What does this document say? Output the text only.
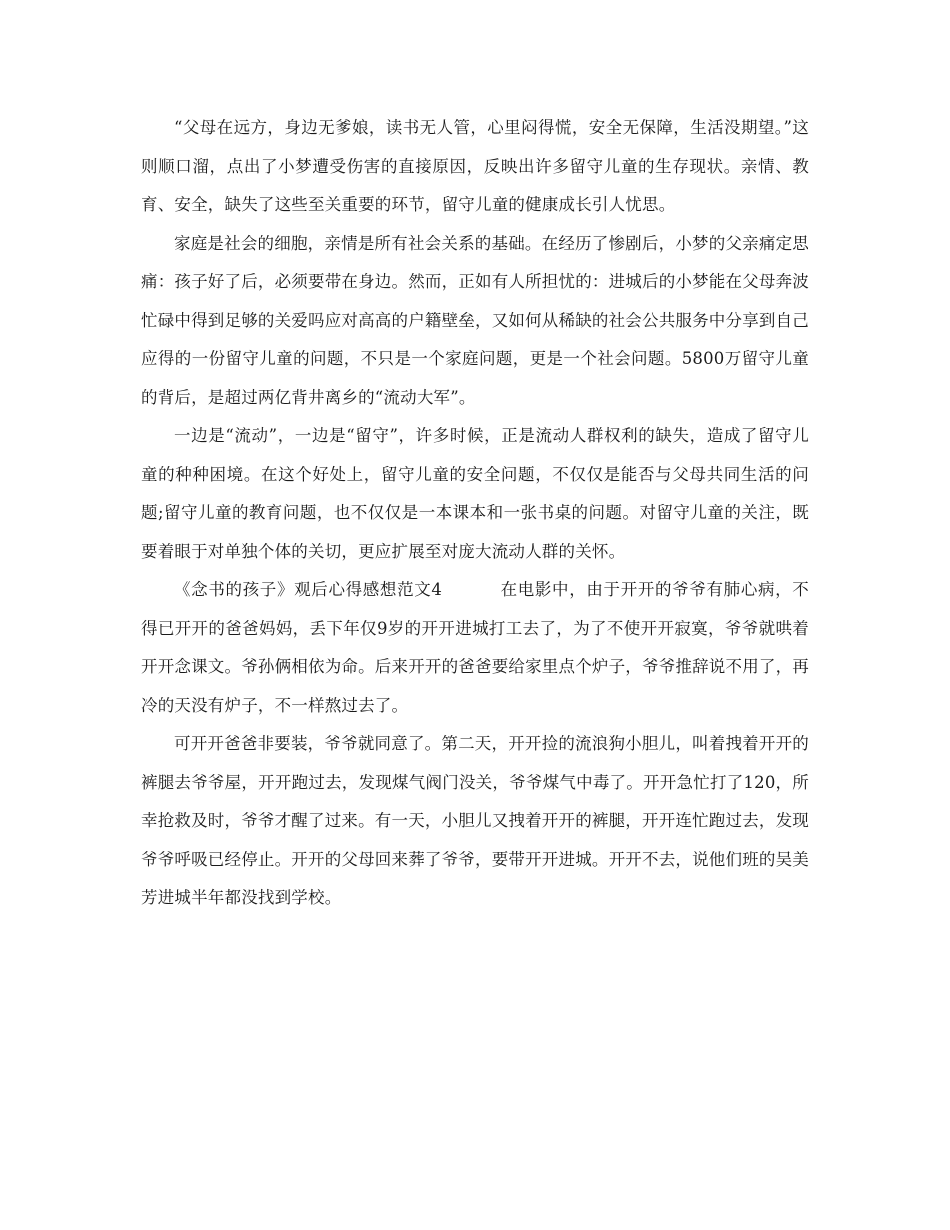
“父母在远方，身边无爹娘，读书无人管，心里闷得慌，安全无保障，生活没期望。”这则顺口溜，点出了小梦遭受伤害的直接原因，反映出许多留守儿童的生存现状。亲情、教育、安全，缺失了这些至关重要的环节，留守儿童的健康成长引人忧思。

家庭是社会的细胞，亲情是所有社会关系的基础。在经历了惨剧后，小梦的父亲痛定思痛：孩子好了后，必须要带在身边。然而，正如有人所担忧的：进城后的小梦能在父母奔波忙碌中得到足够的关爱吗应对高高的户籍壁垒，又如何从稀缺的社会公共服务中分享到自己应得的一份留守儿童的问题，不只是一个家庭问题，更是一个社会问题。5800万留守儿童的背后，是超过两亿背井离乡的“流动大军”。

一边是“流动”，一边是“留守”，许多时候，正是流动人群权利的缺失，造成了留守儿童的种种困境。在这个好处上，留守儿童的安全问题，不仅仅是能否与父母共同生活的问题;留守儿童的教育问题，也不仅仅是一本课本和一张书桌的问题。对留守儿童的关注，既要着眼于对单独个体的关切，更应扩展至对庞大流动人群的关怀。

《念书的孩子》观后心得感想范文4	在电影中，由于开开的爷爷有肺心病，不得已开开的爸爸妈妈，丢下年仅9岁的开开进城打工去了，为了不使开开寂寞，爷爷就哄着开开念课文。爷孙俩相依为命。后来开开的爸爸要给家里点个炉子，爷爷推辞说不用了，再冷的天没有炉子，不一样熬过去了。

可开开爸爸非要装，爷爷就同意了。第二天，开开捡的流浪狗小胆儿，叫着拽着开开的裤腿去爷爷屋，开开跑过去，发现煤气阀门没关，爷爷煤气中毒了。开开急忙打了120，所幸抢救及时，爷爷才醒了过来。有一天，小胆儿又拽着开开的裤腿，开开连忙跑过去，发现爷爷呼吸已经停止。开开的父母回来葬了爷爷，要带开开进城。开开不去，说他们班的吴美芳进城半年都没找到学校。
